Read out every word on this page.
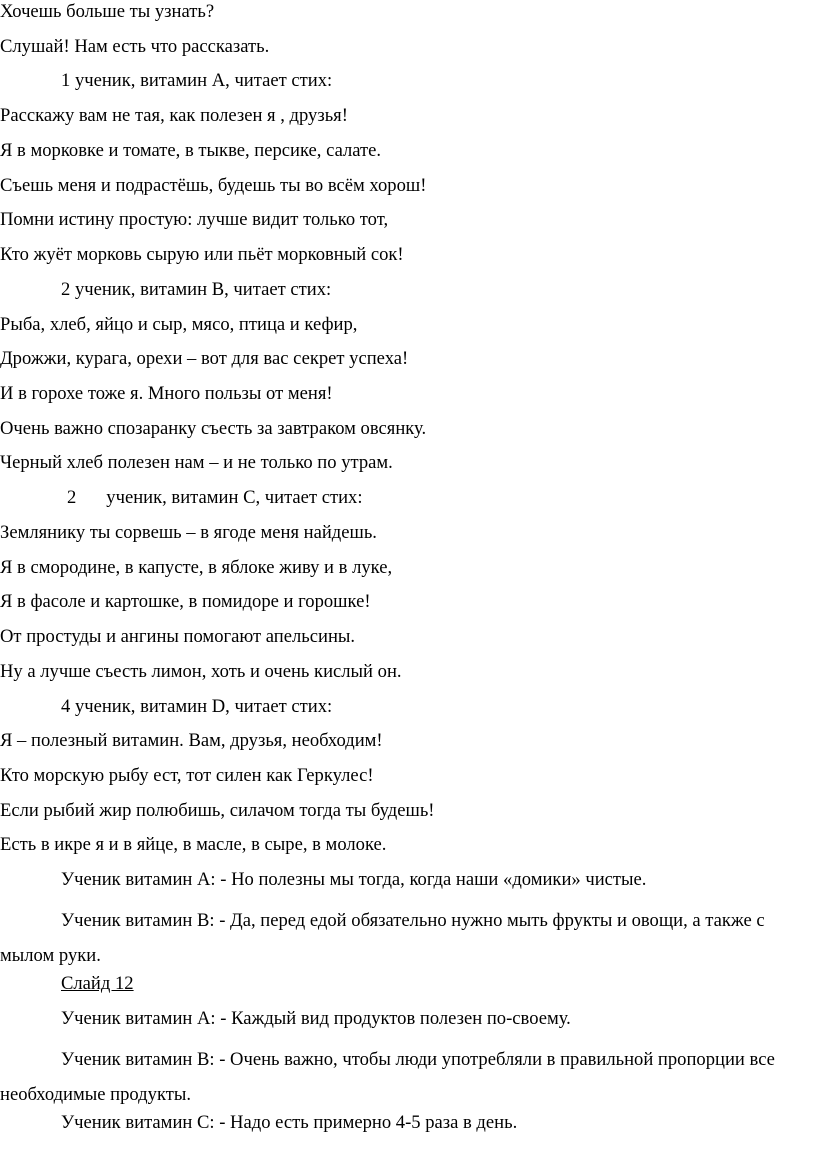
Хочешь больше ты узнать?
Слушай! Нам есть что рассказать.
1 ученик, витамин А, читает стих:
Расскажу вам не тая, как полезен я , друзья!
Я в морковке и томате, в тыкве, персике, салате.
Съешь меня и подрастёшь, будешь ты во всём хорош!
Помни истину простую: лучше видит только тот,
Кто жуёт морковь сырую или пьёт морковный сок!
2 ученик, витамин В, читает стих:
Рыба, хлеб, яйцо и сыр, мясо, птица и кефир,
Дрожжи, курага, орехи – вот для вас секрет успеха!
И в горохе тоже я. Много пользы от меня!
Очень важно спозаранку съесть за завтраком овсянку.
Черный хлеб полезен нам – и не только по утрам.
2 ученик, витамин С, читает стих:
Землянику ты сорвешь – в ягоде меня найдешь.
Я в смородине, в капусте, в яблоке живу и в луке,
Я в фасоле и картошке, в помидоре и горошке!
От простуды и ангины помогают апельсины.
Ну а лучше съесть лимон, хоть и очень кислый он.
4 ученик, витамин D, читает стих:
Я – полезный витамин. Вам, друзья, необходим!
Кто морскую рыбу ест, тот силен как Геркулес!
Если рыбий жир полюбишь, силачом тогда ты будешь!
Есть в икре я и в яйце, в масле, в сыре, в молоке.
Ученик витамин А: - Но полезны мы тогда, когда наши «домики» чистые.
Ученик витамин В: - Да, перед едой обязательно нужно мыть фрукты и овощи, а также с мылом руки.
Слайд 12
Ученик витамин А: - Каждый вид продуктов полезен по-своему.
Ученик витамин В: - Очень важно, чтобы люди употребляли в правильной пропорции все необходимые продукты.
Ученик витамин С: - Надо есть примерно 4-5 раза в день.
